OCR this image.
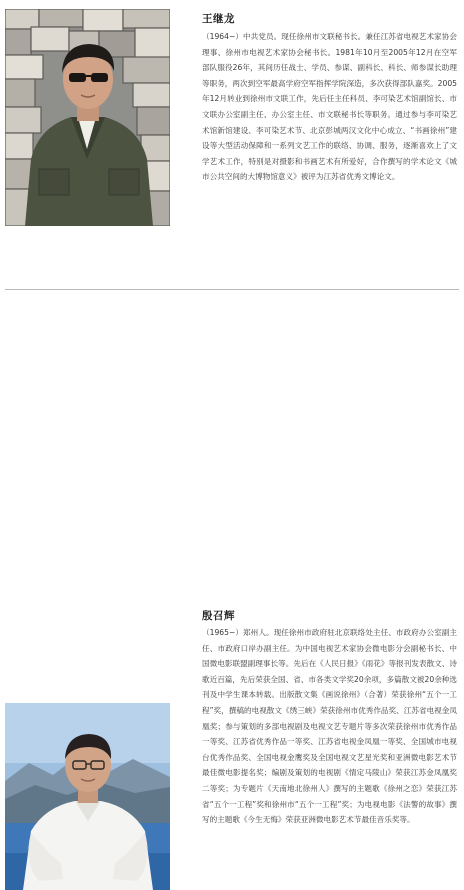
王继龙

（1964~）中共党员。现任徐州市文联秘书长。兼任江苏省电视艺术家协会理事、徐州市电视艺术家协会秘书长。1981年10月至2005年12月在空军部队服役26年，其间历任战士、学员、参谋、副科长、科长、师参谋长助理等职务，两次到空军最高学府空军指挥学院深造，多次获得部队嘉奖。2005年12月转业到徐州市文联工作，先后任主任科员、李可染艺术馆副馆长、市文联办公室副主任、办公室主任、市文联秘书长等职务。通过参与李可染艺术馆新馆建设、李可染艺术节、北京彭城两汉文化中心成立、“书画徐州”建设等大型活动保障和一系列文艺工作的联络、协调、服务，逐渐喜欢上了文学艺术工作，特别是对摄影和书画艺术有所爱好，合作撰写的学术论文《城市公共空间的大博物馆意义》被评为江苏省优秀文博论文。

殷召辉

（1965~）郑州人。现任徐州市政府驻北京联络处主任、市政府办公室副主任、市政府口岸办副主任。为中国电视艺术家协会微电影分会副秘书长、中国微电影联盟副理事长等。先后在《人民日报》《雨花》等报刊发表散文、诗歌近百篇，先后荣获全国、省、市各类文学奖20余项，多篇散文被20余种选刊及中学生课本转载。出版散文集《画说徐州》（合著）荣获徐州“五个一工程”奖，撰稿的电视散文《绣三峡》荣获徐州市优秀作品奖、江苏省电视金凤凰奖；参与策划的多部电视剧及电视文艺专题片等多次荣获徐州市优秀作品一等奖、江苏省优秀作品一等奖、江苏省电视金凤凰一等奖、全国城市电视台优秀作品奖、全国电视金鹰奖及全国电视文艺星光奖和亚洲微电影艺术节最佳微电影提名奖；编剧及策划的电视剧《情定马陵山》荣获江苏金凤凰奖二等奖；为专题片《天南地北徐州人》撰写的主题歌《徐州之恋》荣获江苏省“五个一工程”奖和徐州市“五个一工程”奖；为电视电影《法警的故事》撰写的主题歌《今生无悔》荣获亚洲微电影艺术节最佳音乐奖等。
